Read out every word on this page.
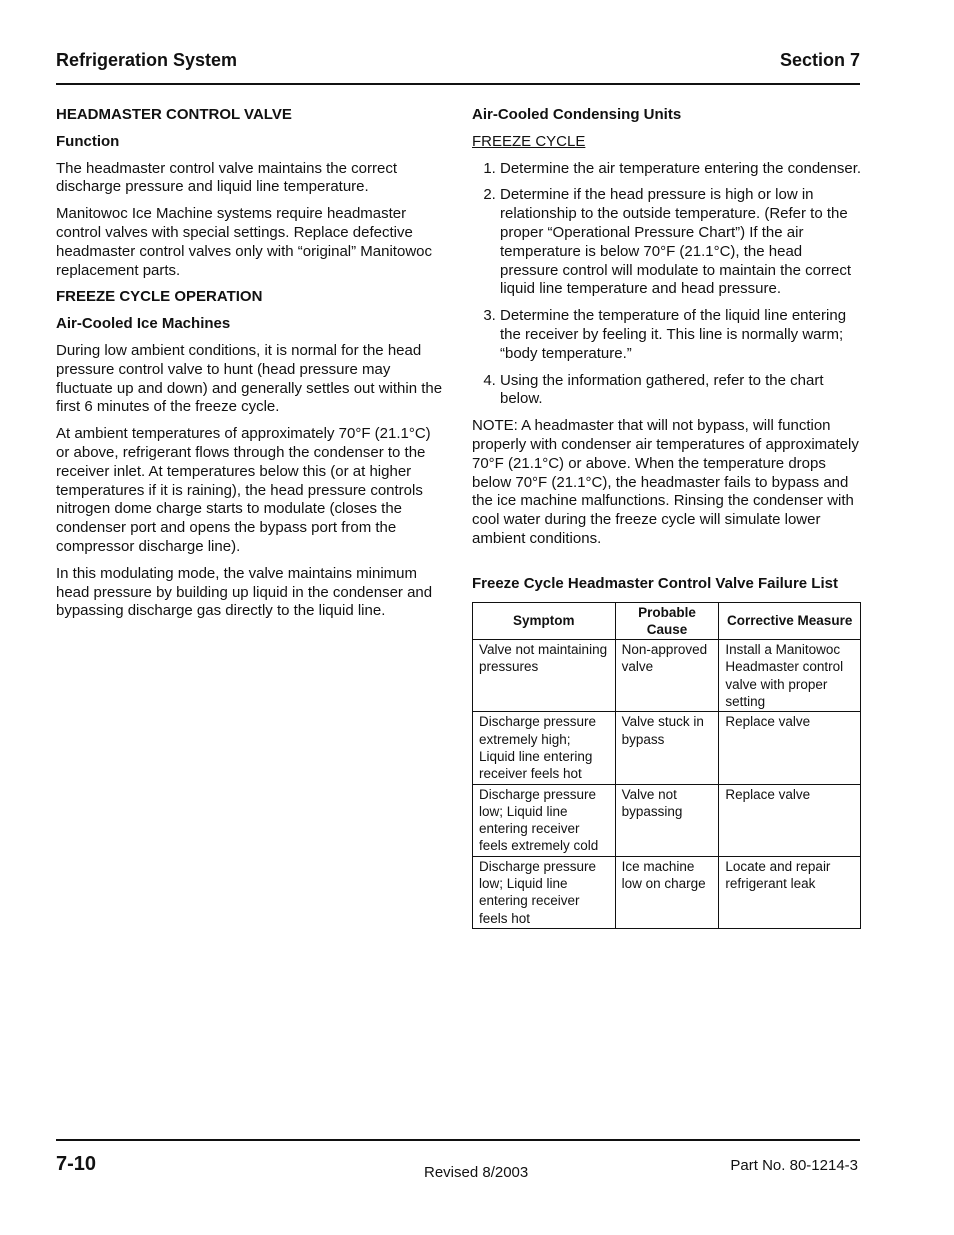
Refrigeration System	Section 7
HEADMASTER CONTROL VALVE
Function

The headmaster control valve maintains the correct discharge pressure and liquid line temperature.

Manitowoc Ice Machine systems require headmaster control valves with special settings. Replace defective headmaster control valves only with “original” Manitowoc replacement parts.

FREEZE CYCLE OPERATION
Air-Cooled Ice Machines

During low ambient conditions, it is normal for the head pressure control valve to hunt (head pressure may fluctuate up and down) and generally settles out within the first 6 minutes of the freeze cycle.

At ambient temperatures of approximately 70°F (21.1°C) or above, refrigerant flows through the condenser to the receiver inlet. At temperatures below this (or at higher temperatures if it is raining), the head pressure controls nitrogen dome charge starts to modulate (closes the condenser port and opens the bypass port from the compressor discharge line).

In this modulating mode, the valve maintains minimum head pressure by building up liquid in the condenser and bypassing discharge gas directly to the liquid line.

Air-Cooled Condensing Units
FREEZE CYCLE
1. Determine the air temperature entering the condenser.
2. Determine if the head pressure is high or low in relationship to the outside temperature. (Refer to the proper “Operational Pressure Chart”) If the air temperature is below 70°F (21.1°C), the head pressure control will modulate to maintain the correct liquid line temperature and head pressure.
3. Determine the temperature of the liquid line entering the receiver by feeling it. This line is normally warm; “body temperature.”
4. Using the information gathered, refer to the chart below.

NOTE: A headmaster that will not bypass, will function properly with condenser air temperatures of approximately 70°F (21.1°C) or above. When the temperature drops below 70°F (21.1°C), the headmaster fails to bypass and the ice machine malfunctions. Rinsing the condenser with cool water during the freeze cycle will simulate lower ambient conditions.

Freeze Cycle Headmaster Control Valve Failure List
Symptom	Probable Cause	Corrective Measure
Valve not maintaining pressures	Non-approved valve	Install a Manitowoc Headmaster control valve with proper setting
Discharge pressure extremely high; Liquid line entering receiver feels hot	Valve stuck in bypass	Replace valve
Discharge pressure low; Liquid line entering receiver feels extremely cold	Valve not bypassing	Replace valve
Discharge pressure low; Liquid line entering receiver feels hot	Ice machine low on charge	Locate and repair refrigerant leak
7-10	Revised 8/2003	Part No. 80-1214-3
